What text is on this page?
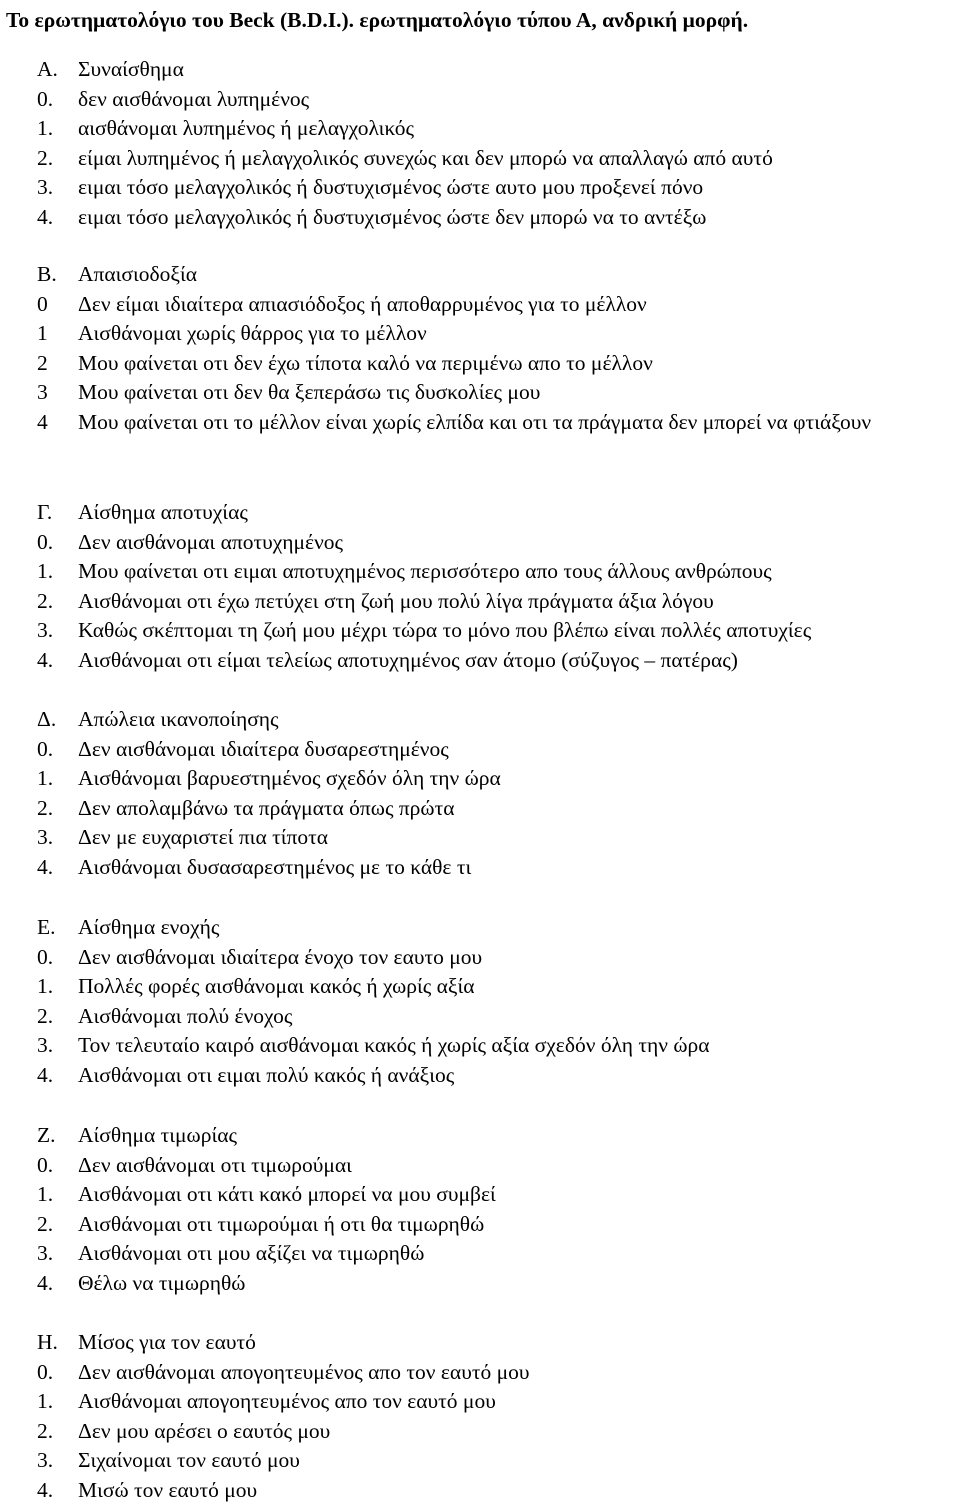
Το ερωτηματολόγιο του Beck (B.D.I.). ερωτηματολόγιο τύπου Α, ανδρική μορφή.
Α. Συναίσθημα
0.	δεν αισθάνομαι λυπημένος
1.	αισθάνομαι λυπημένος ή μελαγχολικός
2.	είμαι λυπημένος ή μελαγχολικός συνεχώς και δεν μπορώ να απαλλαγώ από αυτό
3.	ειμαι τόσο μελαγχολικός ή δυστυχισμένος ώστε αυτο μου προξενεί πόνο
4.	ειμαι τόσο μελαγχολικός ή δυστυχισμένος ώστε δεν μπορώ να το αντέξω
Β. Απαισιοδοξία
0	Δεν είμαι ιδιαίτερα απιασιόδοξος ή αποθαρρυμένος για το μέλλον
1	Αισθάνομαι χωρίς θάρρος για το μέλλον
2	Μου φαίνεται οτι δεν έχω τίποτα καλό να περιμένω απο το μέλλον
3	Μου φαίνεται οτι δεν θα ξεπεράσω τις δυσκολίες μου
4	Μου φαίνεται οτι το μέλλον είναι χωρίς ελπίδα και οτι τα πράγματα δεν μπορεί να φτιάξουν
Γ.	Αίσθημα αποτυχίας
0.	Δεν αισθάνομαι αποτυχημένος
1.	Μου φαίνεται οτι ειμαι αποτυχημένος περισσότερο απο τους άλλους ανθρώπους
2.	Αισθάνομαι οτι έχω πετύχει στη ζωή μου πολύ λίγα πράγματα άξια λόγου
3.	Καθώς σκέπτομαι τη ζωή μου μέχρι τώρα το μόνο που βλέπω είναι πολλές αποτυχίες
4.	Αισθάνομαι οτι είμαι τελείως αποτυχημένος σαν άτομο (σύζυγος – πατέρας)
Δ.	Απώλεια ικανοποίησης
0.	Δεν αισθάνομαι ιδιαίτερα δυσαρεστημένος
1.	Αισθάνομαι βαρυεστημένος σχεδόν όλη την ώρα
2.	Δεν απολαμβάνω τα πράγματα όπως πρώτα
3.	Δεν με ευχαριστεί πια τίποτα
4.	Αισθάνομαι δυσασαρεστημένος με το κάθε τι
Ε.	Αίσθημα ενοχής
0.	Δεν αισθάνομαι ιδιαίτερα ένοχο τον εαυτο μου
1.	Πολλές φορές αισθάνομαι κακός ή χωρίς αξία
2.	Αισθάνομαι πολύ ένοχος
3.	Τον τελευταίο καιρό αισθάνομαι κακός ή χωρίς αξία σχεδόν όλη την ώρα
4.	Αισθάνομαι οτι ειμαι πολύ κακός ή ανάξιος
Ζ.	Αίσθημα τιμωρίας
0.	Δεν αισθάνομαι οτι τιμωρούμαι
1.	Αισθάνομαι οτι κάτι κακό μπορεί να μου συμβεί
2.	Αισθάνομαι οτι τιμωρούμαι ή οτι θα τιμωρηθώ
3.	Αισθάνομαι οτι μου αξίζει να τιμωρηθώ
4.	Θέλω να τιμωρηθώ
Η. Μίσος για τον εαυτό
0.	Δεν αισθάνομαι απογοητευμένος απο τον εαυτό μου
1.	Αισθάνομαι απογοητευμένος απο τον εαυτό μου
2.	Δεν μου αρέσει ο εαυτός μου
3.	Σιχαίνομαι τον εαυτό μου
4.	Μισώ τον εαυτό μου
